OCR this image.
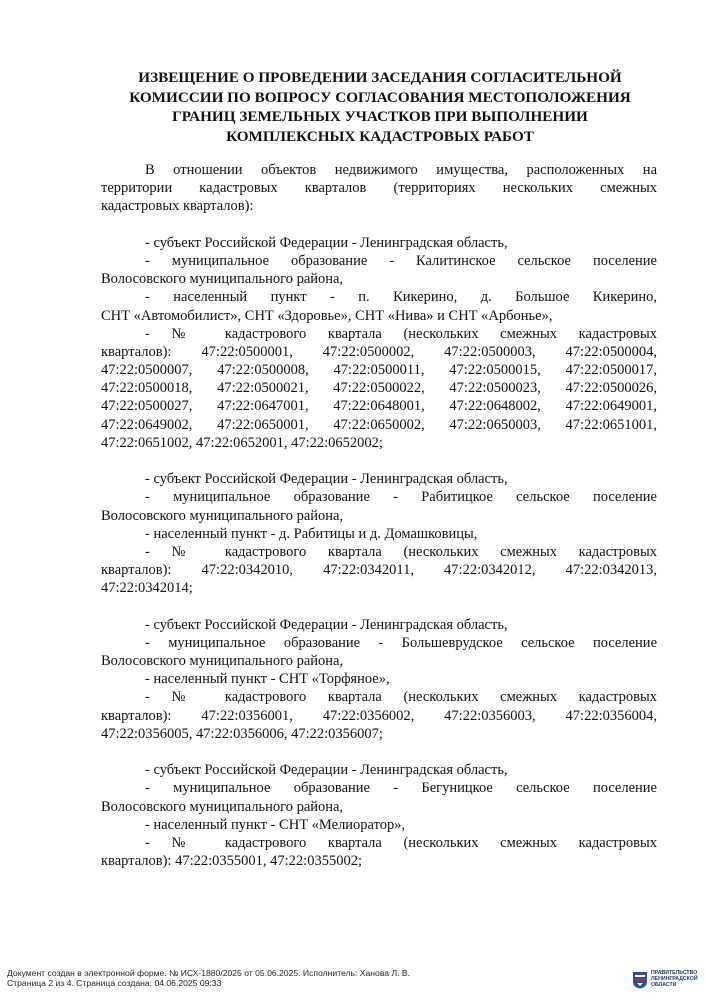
ИЗВЕЩЕНИЕ О ПРОВЕДЕНИИ ЗАСЕДАНИЯ СОГЛАСИТЕЛЬНОЙ
КОМИССИИ ПО ВОПРОСУ СОГЛАСОВАНИЯ МЕСТОПОЛОЖЕНИЯ
ГРАНИЦ ЗЕМЕЛЬНЫХ УЧАСТКОВ ПРИ ВЫПОЛНЕНИИ
КОМПЛЕКСНЫХ КАДАСТРОВЫХ РАБОТ
В отношении объектов недвижимого имущества, расположенных на
территории кадастровых кварталов (территориях нескольких смежных
кадастровых кварталов):
- субъект Российской Федерации - Ленинградская область,
- муниципальное образование - Калитинское сельское поселение
Волосовского муниципального района,
- населенный пункт - п. Кикерино, д. Большое Кикерино,
СНТ «Автомобилист», СНТ «Здоровье», СНТ «Нива» и СНТ «Арбонье»,
- № кадастрового квартала (нескольких смежных кадастровых
кварталов): 47:22:0500001, 47:22:0500002, 47:22:0500003, 47:22:0500004,
47:22:0500007, 47:22:0500008, 47:22:0500011, 47:22:0500015, 47:22:0500017,
47:22:0500018, 47:22:0500021, 47:22:0500022, 47:22:0500023, 47:22:0500026,
47:22:0500027, 47:22:0647001, 47:22:0648001, 47:22:0648002, 47:22:0649001,
47:22:0649002, 47:22:0650001, 47:22:0650002, 47:22:0650003, 47:22:0651001,
47:22:0651002, 47:22:0652001, 47:22:0652002;
- субъект Российской Федерации - Ленинградская область,
- муниципальное образование - Рабитицкое сельское поселение
Волосовского муниципального района,
- населенный пункт - д. Рабитицы и д. Домашковицы,
- № кадастрового квартала (нескольких смежных кадастровых
кварталов): 47:22:0342010, 47:22:0342011, 47:22:0342012, 47:22:0342013,
47:22:0342014;
- субъект Российской Федерации - Ленинградская область,
- муниципальное образование - Большеврудское сельское поселение
Волосовского муниципального района,
- населенный пункт - СНТ «Торфяное»,
- № кадастрового квартала (нескольких смежных кадастровых
кварталов): 47:22:0356001, 47:22:0356002, 47:22:0356003, 47:22:0356004,
47:22:0356005, 47:22:0356006, 47:22:0356007;
- субъект Российской Федерации - Ленинградская область,
- муниципальное образование - Бегуницкое сельское поселение
Волосовского муниципального района,
- населенный пункт - СНТ «Мелиоратор»,
- № кадастрового квартала (нескольких смежных кадастровых
кварталов): 47:22:0355001, 47:22:0355002;
Документ создан в электронной форме. № ИСХ-1880/2025 от 05.06.2025. Исполнитель: Ханова Л. В.
Страница 2 из 4. Страница создана: 04.06.2025 09:33
ПРАВИТЕЛЬСТВО
ЛЕНИНГРАДСКОЙ
ОБЛАСТИ
